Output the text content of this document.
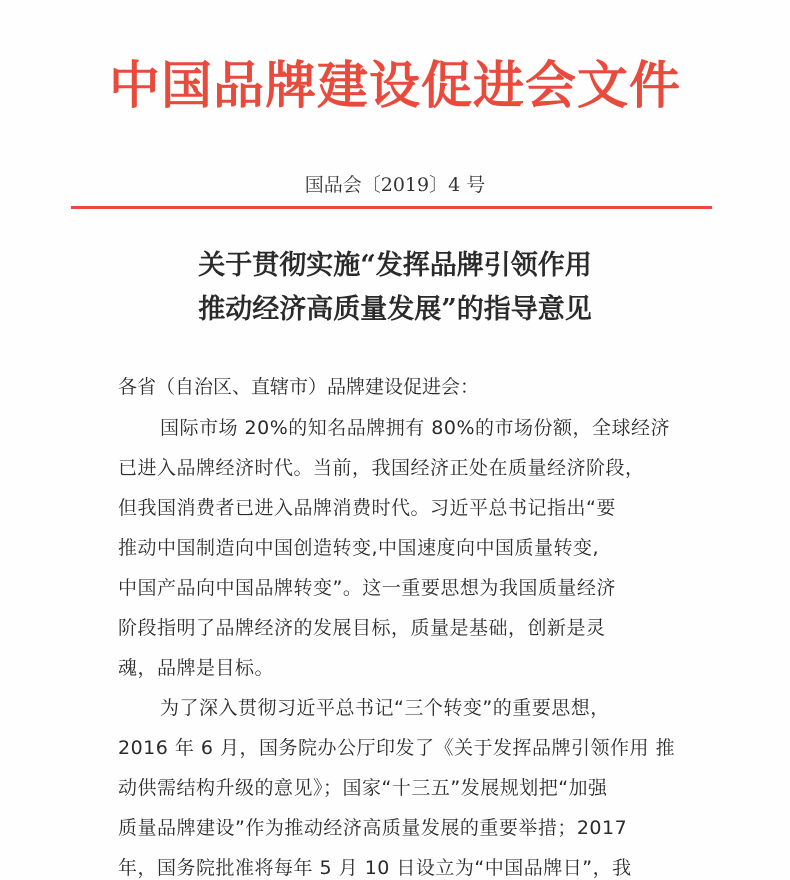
中国品牌建设促进会文件
国品会〔2019〕4 号
关于贯彻实施“发挥品牌引领作用
推动经济高质量发展”的指导意见
各省（自治区、直辖市）品牌建设促进会：
国际市场 20%的知名品牌拥有 80%的市场份额，全球经济
已进入品牌经济时代。当前，我国经济正处在质量经济阶段，
但我国消费者已进入品牌消费时代。习近平总书记指出“要
推动中国制造向中国创造转变,中国速度向中国质量转变,
中国产品向中国品牌转变”。这一重要思想为我国质量经济
阶段指明了品牌经济的发展目标，质量是基础，创新是灵
魂，品牌是目标。
为了深入贯彻习近平总书记“三个转变”的重要思想，
2016 年 6 月，国务院办公厅印发了《关于发挥品牌引领作用 推
动供需结构升级的意见》；国家“十三五”发展规划把“加强
质量品牌建设”作为推动经济高质量发展的重要举措；2017
年，国务院批准将每年 5 月 10 日设立为“中国品牌日”，我
